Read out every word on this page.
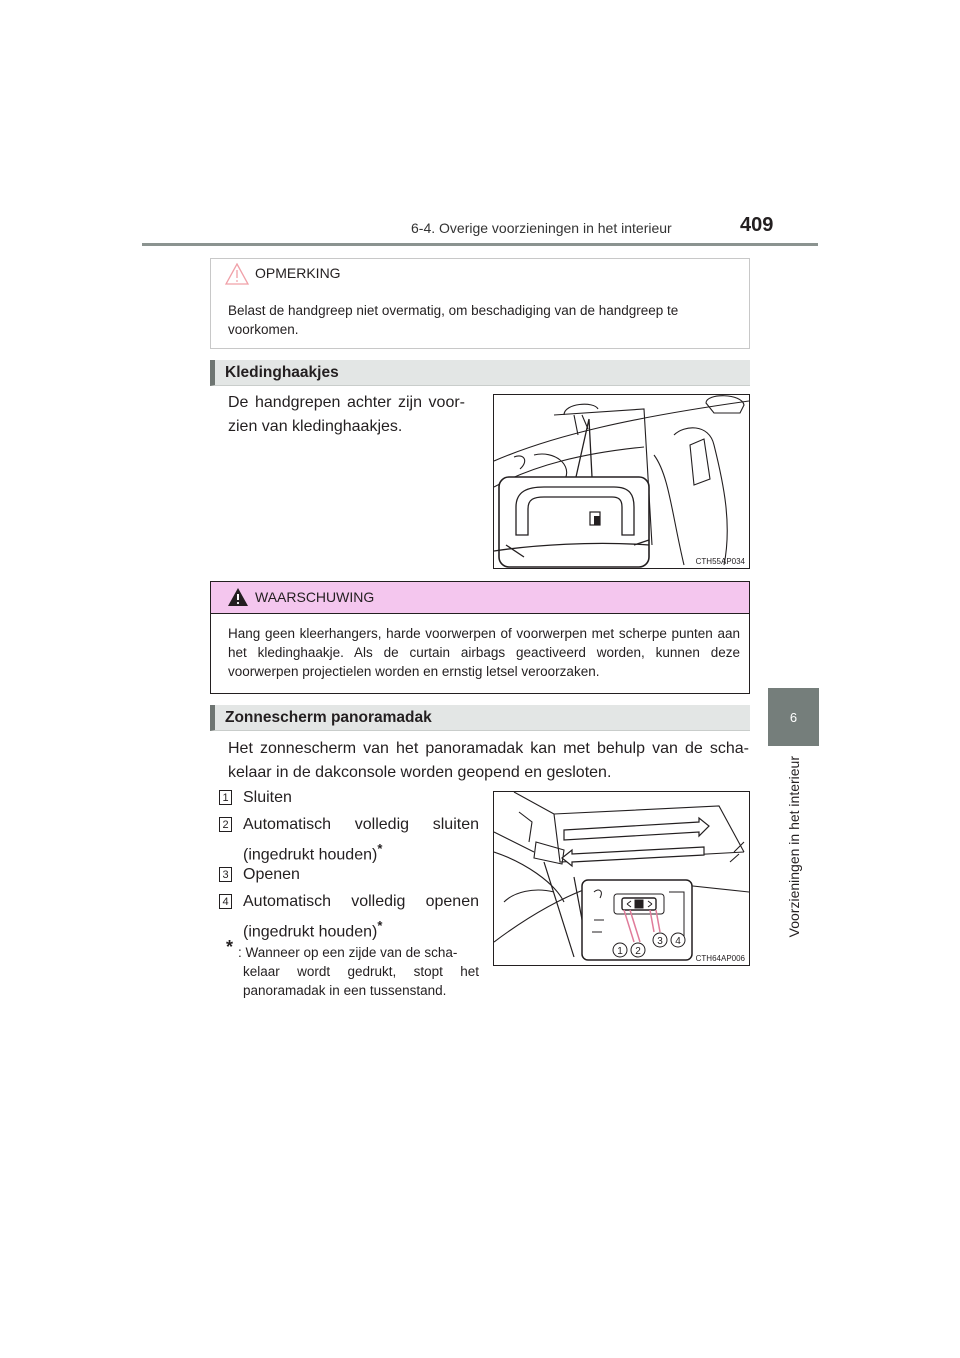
6-4. Overige voorzieningen in het interieur	409
6
Voorzieningen in het interieur
OPMERKING
Belast de handgreep niet overmatig, om beschadiging van de handgreep te voorkomen.
Kledinghaakjes
De handgrepen achter zijn voor-
zien van kledinghaakjes.
CTH55AP034
WAARSCHUWING
Hang geen kleerhangers, harde voorwerpen of voorwerpen met scherpe punten aan het kledinghaakje. Als de curtain airbags geactiveerd worden, kunnen deze voorwerpen projectielen worden en ernstig letsel veroorzaken.
Zonnescherm panoramadak
Het zonnescherm van het panoramadak kan met behulp van de scha-
kelaar in de dakconsole worden geopend en gesloten.
1 Sluiten
2 Automatisch volledig sluiten
(ingedrukt houden)*
3 Openen
4 Automatisch volledig openen
(ingedrukt houden)*
* : Wanneer op een zijde van de scha-
kelaar wordt gedrukt, stopt het
panoramadak in een tussenstand.
1 2
3 4
CTH64AP006
